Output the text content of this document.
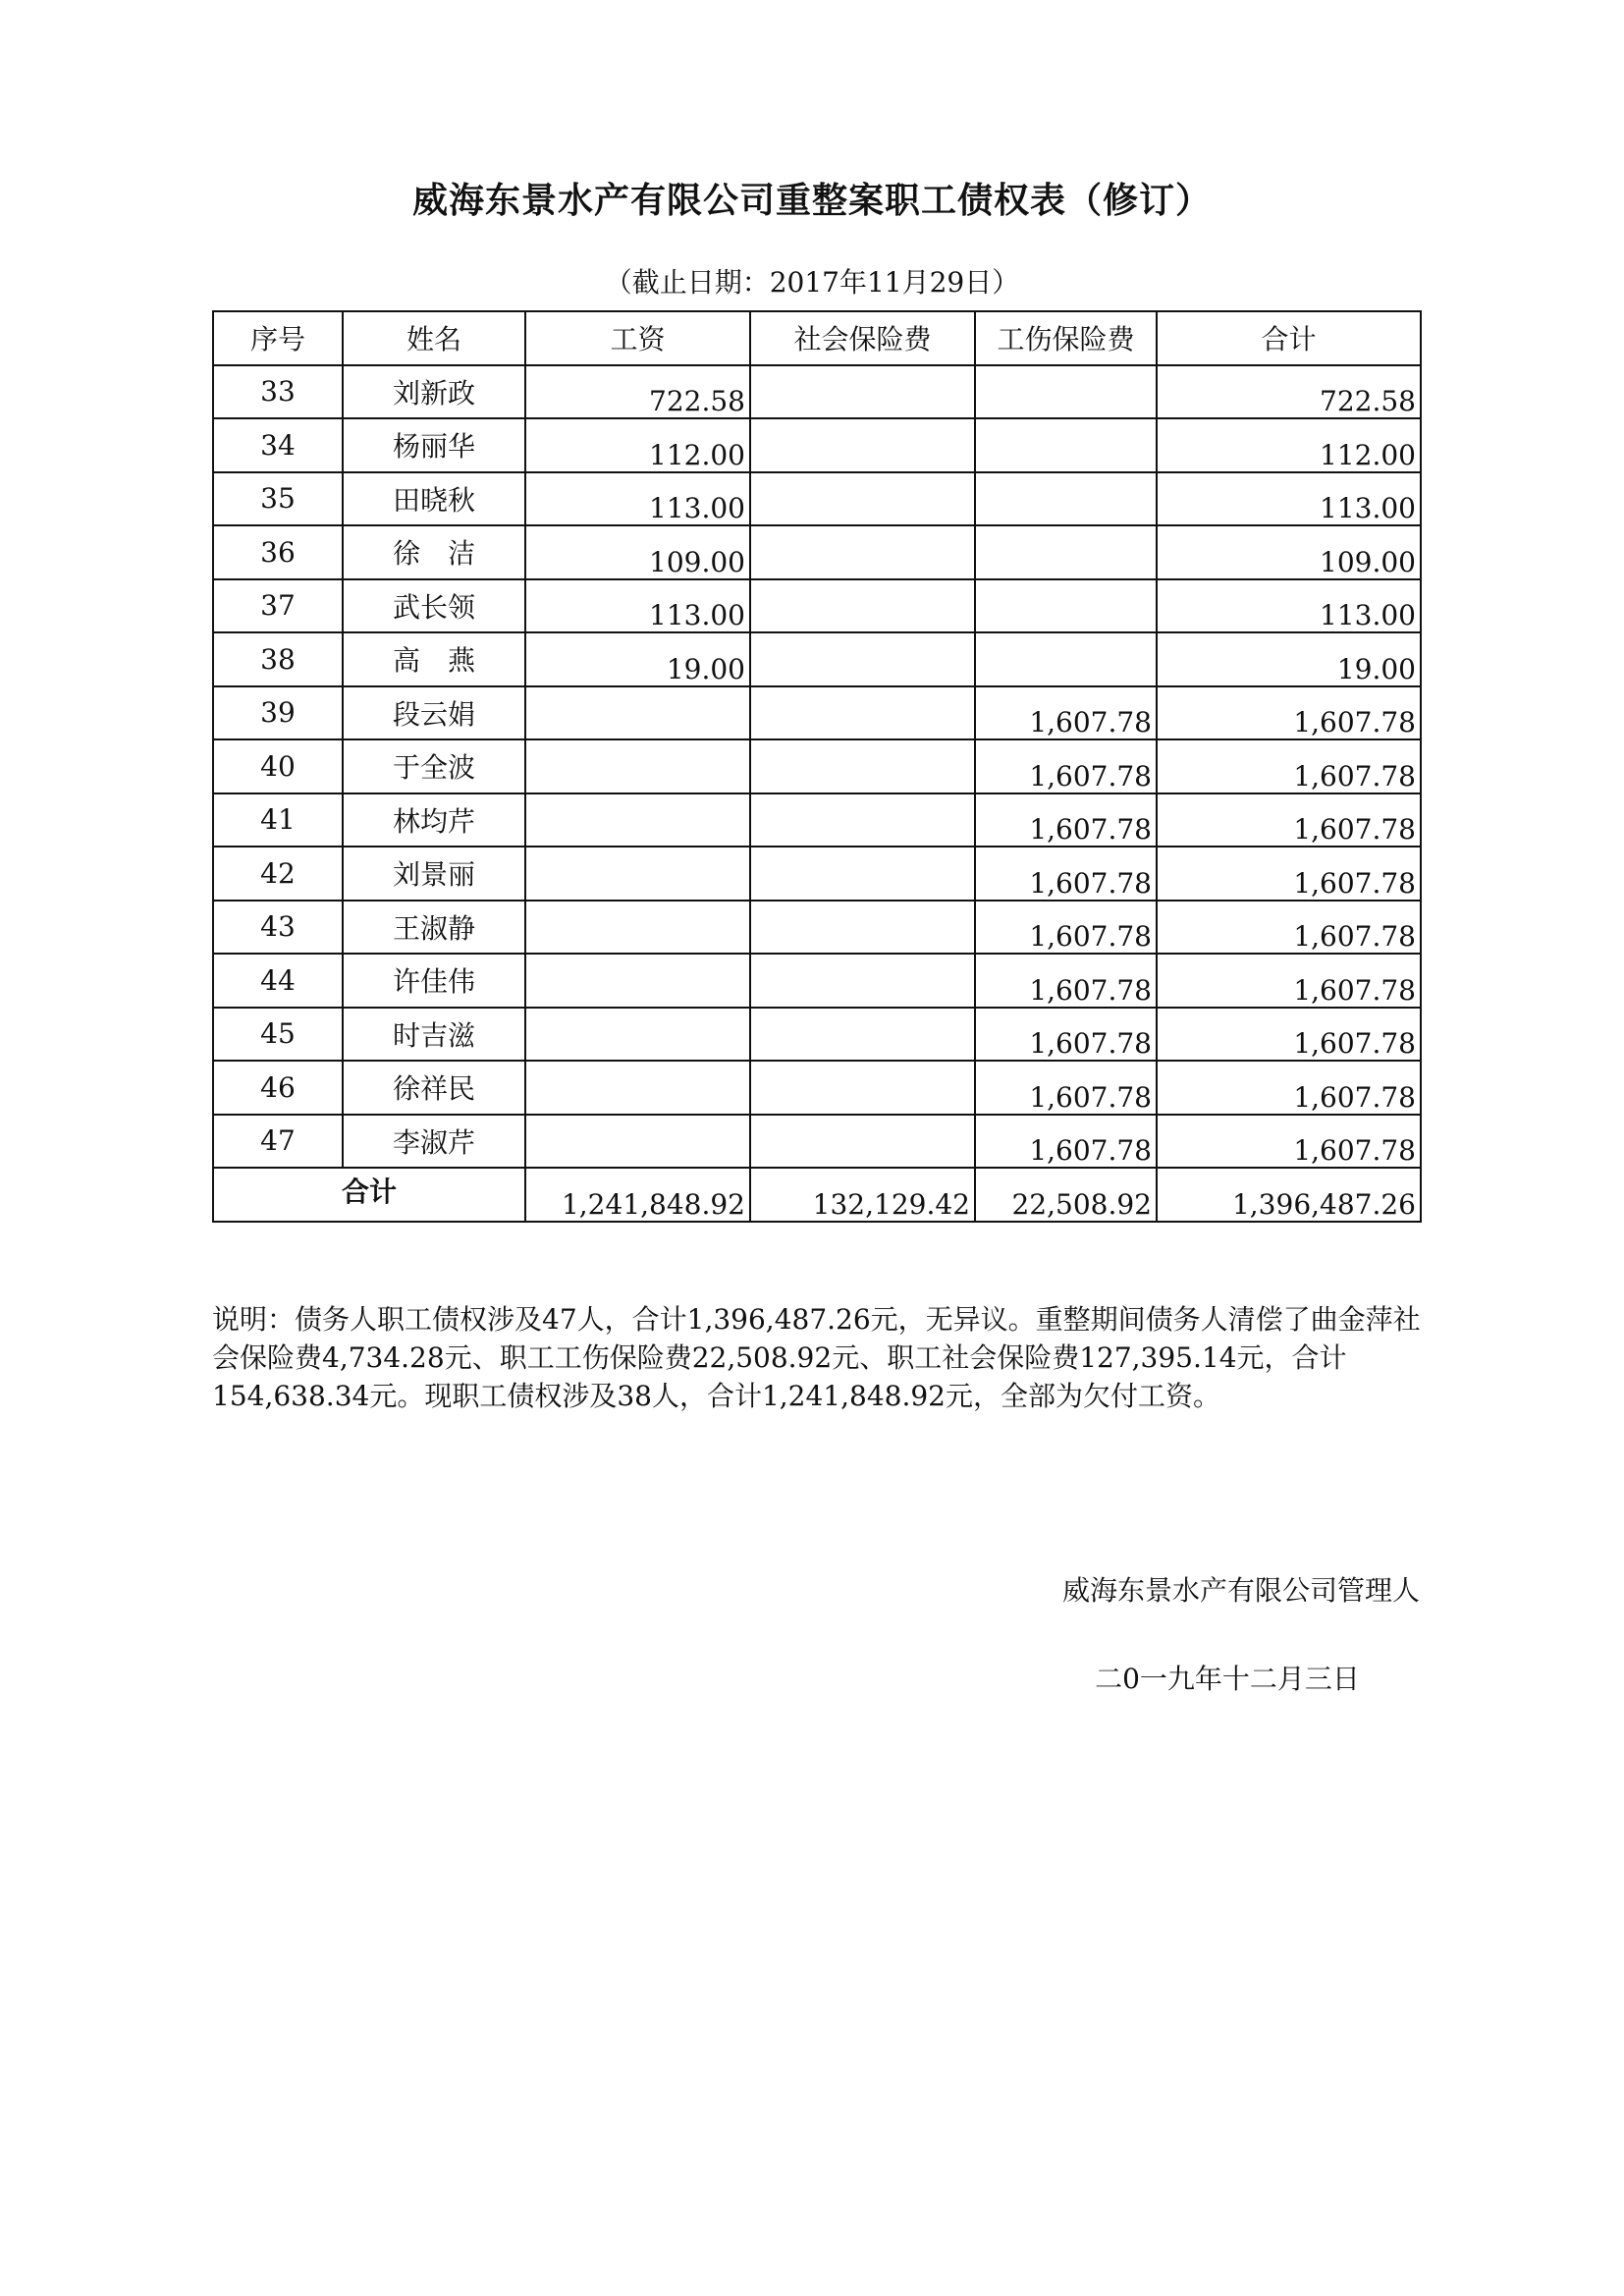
威海东景水产有限公司重整案职工债权表（修订）
（截止日期：2017年11月29日）
序号	姓名	工资	社会保险费	工伤保险费	合计
33	刘新政	722.58			722.58
34	杨丽华	112.00			112.00
35	田晓秋	113.00			113.00
36	徐　洁	109.00			109.00
37	武长领	113.00			113.00
38	高　燕	19.00			19.00
39	段云娟			1,607.78	1,607.78
40	于全波			1,607.78	1,607.78
41	林均芹			1,607.78	1,607.78
42	刘景丽			1,607.78	1,607.78
43	王淑静			1,607.78	1,607.78
44	许佳伟			1,607.78	1,607.78
45	时吉滋			1,607.78	1,607.78
46	徐祥民			1,607.78	1,607.78
47	李淑芹			1,607.78	1,607.78
合计		1,241,848.92	132,129.42	22,508.92	1,396,487.26
说明：债务人职工债权涉及47人，合计1,396,487.26元，无异议。重整期间债务人清偿了曲金萍社会保险费4,734.28元、职工工伤保险费22,508.92元、职工社会保险费127,395.14元，合计154,638.34元。现职工债权涉及38人，合计1,241,848.92元，全部为欠付工资。
威海东景水产有限公司管理人
二0一九年十二月三日
